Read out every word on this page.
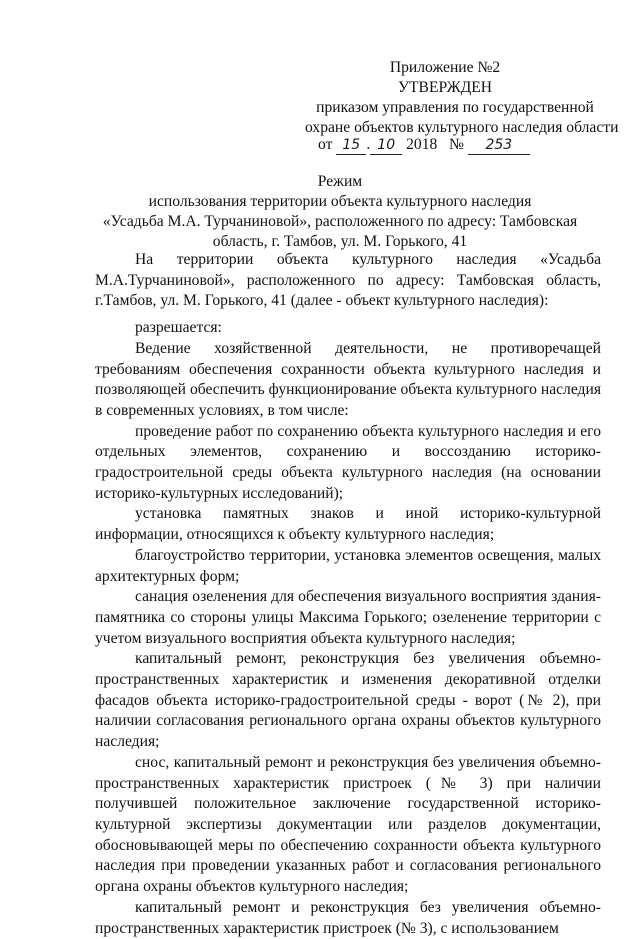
Приложение №2
УТВЕРЖДЕН
приказом управления по государственной
охране объектов культурного наследия области
от 15 . 10 2018 № 253
Режим
использования территории объекта культурного наследия
«Усадьба М.А. Турчаниновой», расположенного по адресу: Тамбовская
область, г. Тамбов, ул. М. Горького, 41

На территории объекта культурного наследия «Усадьба М.А.Турчаниновой», расположенного по адресу: Тамбовская область, г.Тамбов, ул. М. Горького, 41 (далее - объект культурного наследия):

разрешается:

Ведение хозяйственной деятельности, не противоречащей требованиям обеспечения сохранности объекта культурного наследия и позволяющей обеспечить функционирование объекта культурного наследия в современных условиях, в том числе:

проведение работ по сохранению объекта культурного наследия и его отдельных элементов, сохранению и воссозданию историко-градостроительной среды объекта культурного наследия (на основании историко-культурных исследований);

установка памятных знаков и иной историко-культурной информации, относящихся к объекту культурного наследия;

благоустройство территории, установка элементов освещения, малых архитектурных форм;

санация озеленения для обеспечения визуального восприятия здания-памятника со стороны улицы Максима Горького; озеленение территории с учетом визуального восприятия объекта культурного наследия;

капитальный ремонт, реконструкция без увеличения объемно-пространственных характеристик и изменения декоративной отделки фасадов объекта историко-градостроительной среды - ворот (№ 2), при наличии согласования регионального органа охраны объектов культурного наследия;

снос, капитальный ремонт и реконструкция без увеличения объемно-пространственных характеристик пристроек (№ 3) при наличии получившей положительное заключение государственной историко-культурной экспертизы документации или разделов документации, обосновывающей меры по обеспечению сохранности объекта культурного наследия при проведении указанных работ и согласования регионального органа охраны объектов культурного наследия;

капитальный ремонт и реконструкция без увеличения объемно-пространственных характеристик пристроек (№ 3), с использованием
